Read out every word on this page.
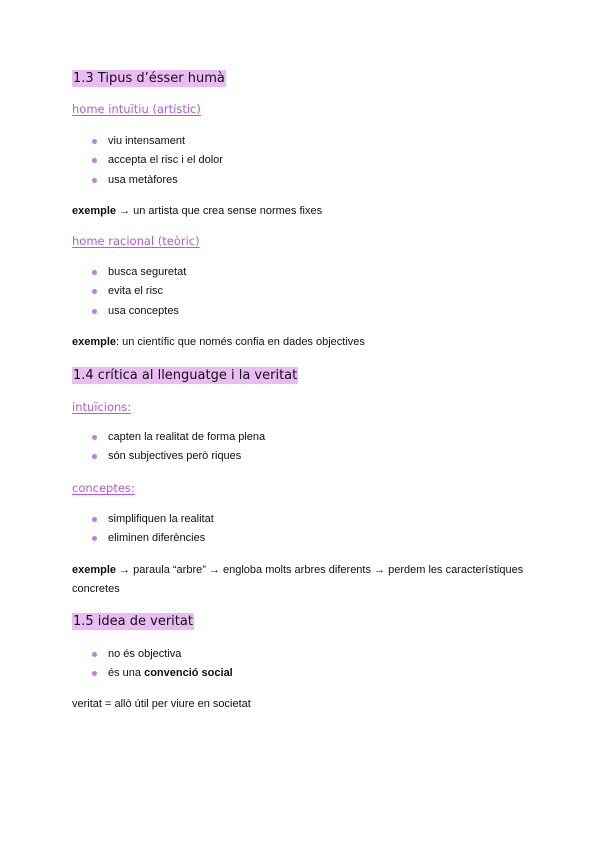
1.3 Tipus d’ésser humà
home intuïtiu (artístic)
viu intensament
accepta el risc i el dolor
usa metàfores
exemple → un artista que crea sense normes fixes
home racional (teòric)
busca seguretat
evita el risc
usa conceptes
exemple: un científic que només confia en dades objectives
1.4 crítica al llenguatge i la veritat
intuïcions:
capten la realitat de forma plena
són subjectives però riques
conceptes:
simplifiquen la realitat
eliminen diferències
exemple → paraula “arbre” → engloba molts arbres diferents → perdem les característiques concretes
1.5 idea de veritat
no és objectiva
és una convenció social
veritat = allò útil per viure en societat
